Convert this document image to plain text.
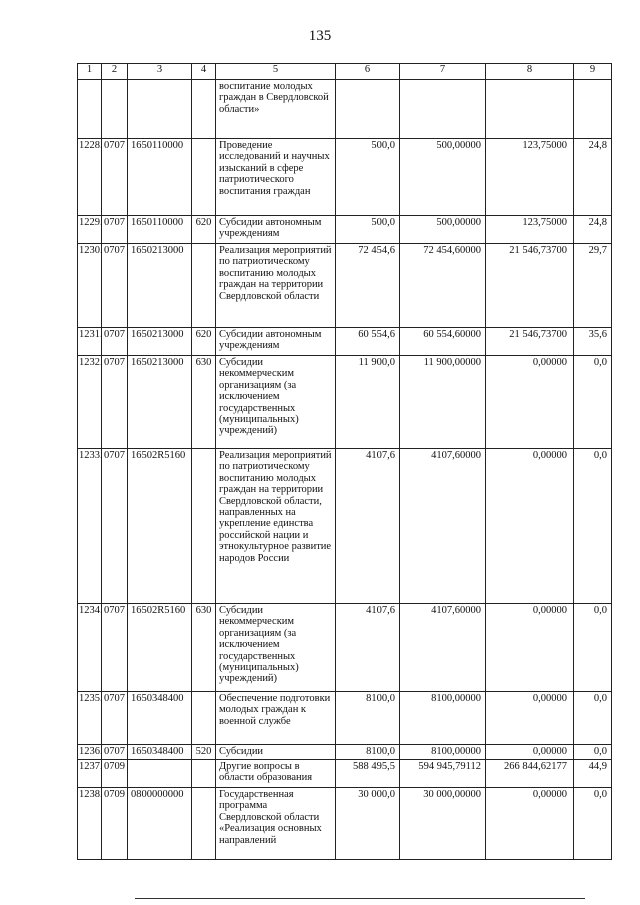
135
1	2	3	4	5	6	7	8	9
				воспитание молодых граждан в Свердловской области»				
1228.	0707	1650110000		Проведение исследований и научных изысканий в сфере патриотического воспитания граждан	500,0	500,00000	123,75000	24,8
1229.	0707	1650110000	620	Субсидии автономным учреждениям	500,0	500,00000	123,75000	24,8
1230.	0707	1650213000		Реализация мероприятий по патриотическому воспитанию молодых граждан на территории Свердловской области	72 454,6	72 454,60000	21 546,73700	29,7
1231.	0707	1650213000	620	Субсидии автономным учреждениям	60 554,6	60 554,60000	21 546,73700	35,6
1232.	0707	1650213000	630	Субсидии некоммерческим организациям (за исключением государственных (муниципальных) учреждений)	11 900,0	11 900,00000	0,00000	0,0
1233.	0707	16502R5160		Реализация мероприятий по патриотическому воспитанию молодых граждан на территории Свердловской области, направленных на укрепление единства российской нации и этнокультурное развитие народов России	4107,6	4107,60000	0,00000	0,0
1234.	0707	16502R5160	630	Субсидии некоммерческим организациям (за исключением государственных (муниципальных) учреждений)	4107,6	4107,60000	0,00000	0,0
1235.	0707	1650348400		Обеспечение подготовки молодых граждан к военной службе	8100,0	8100,00000	0,00000	0,0
1236.	0707	1650348400	520	Субсидии	8100,0	8100,00000	0,00000	0,0
1237.	0709			Другие вопросы в области образования	588 495,5	594 945,79112	266 844,62177	44,9
1238.	0709	0800000000		Государственная программа Свердловской области «Реализация основных направлений	30 000,0	30 000,00000	0,00000	0,0
